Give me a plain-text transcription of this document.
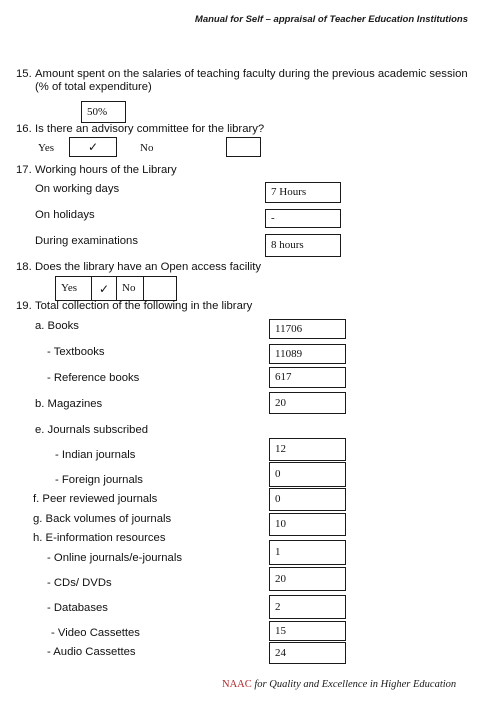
Manual for Self – appraisal of Teacher Education Institutions
15. Amount spent on the salaries of teaching faculty during the previous academic session
(% of total expenditure)
50%
16. Is there an advisory committee for the library?
Yes	✓	No
17. Working hours of the Library
On working days	7 Hours
On holidays	-
During examinations	8 hours
18. Does the library have an Open access facility
Yes ✓ No
19. Total collection of the following in the library
a. Books	11706
- Textbooks	11089
- Reference books	617
b. Magazines	20
e. Journals subscribed
- Indian journals	12
- Foreign journals	0
f. Peer reviewed journals	0
g. Back volumes of journals	10
h. E-information resources
- Online journals/e-journals	1
- CDs/ DVDs	20
- Databases	2
- Video Cassettes	15
- Audio Cassettes	24
NAAC for Quality and Excellence in Higher Education
